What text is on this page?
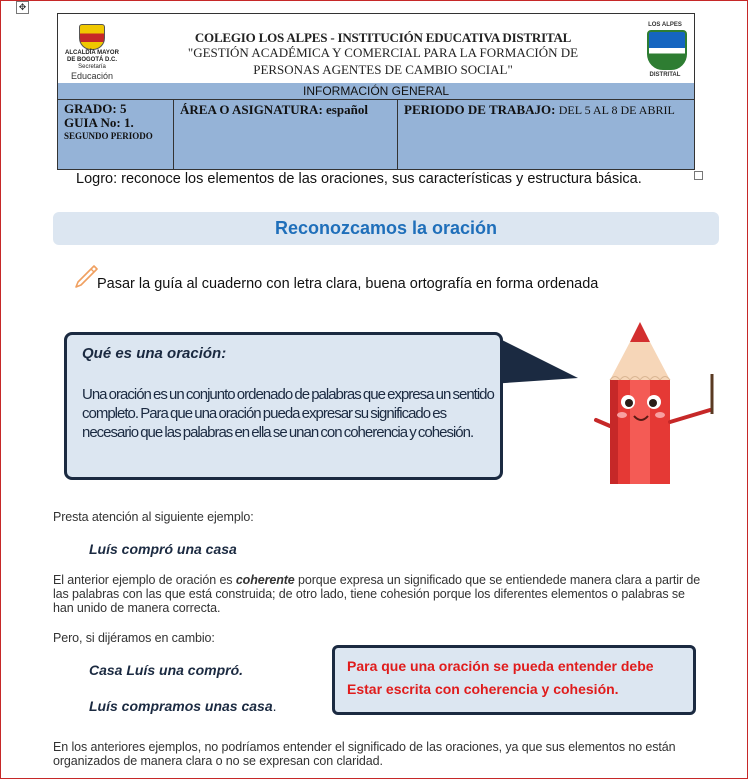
✥
ALCALDÍA MAYOR
DE BOGOTÁ D.C.
Secretaría
Educación
COLEGIO LOS ALPES - INSTITUCIÓN EDUCATIVA DISTRITAL
"GESTIÓN ACADÉMICA Y COMERCIAL PARA LA FORMACIÓN DE
PERSONAS AGENTES DE CAMBIO SOCIAL"
LOS ALPES
DISTRITAL
INFORMACIÓN GENERAL
GRADO: 5
GUIA No: 1.
SEGUNDO PERIODO
ÁREA O ASIGNATURA: español	PERIODO DE TRABAJO: DEL 5 AL 8 DE ABRIL
Logro: reconoce los elementos de las oraciones, sus características y estructura básica.
Reconozcamos la oración
Pasar la guía al cuaderno con letra clara, buena ortografía en forma ordenada
Qué es una oración:
Una oración es un conjunto ordenado de palabras que expresa un sentido completo. Para que una oración pueda expresar su significado es necesario que las palabras en ella se unan con coherencia y cohesión.
Presta atención al siguiente ejemplo:
Luís compró una casa
El anterior ejemplo de oración es coherente porque expresa un significado que se entiendede manera clara a partir de las palabras con las que está construida; de otro lado, tiene cohesión porque los diferentes elementos o palabras se han unido de manera correcta.
Pero, si dijéramos en cambio:
Casa Luís una compró.
Luís compramos unas casa.
Para que una oración se pueda entender debe
Estar escrita con coherencia y cohesión.
En los anteriores ejemplos, no podríamos entender el significado de las oraciones, ya que sus elementos no están organizados de manera clara o no se expresan con claridad.
